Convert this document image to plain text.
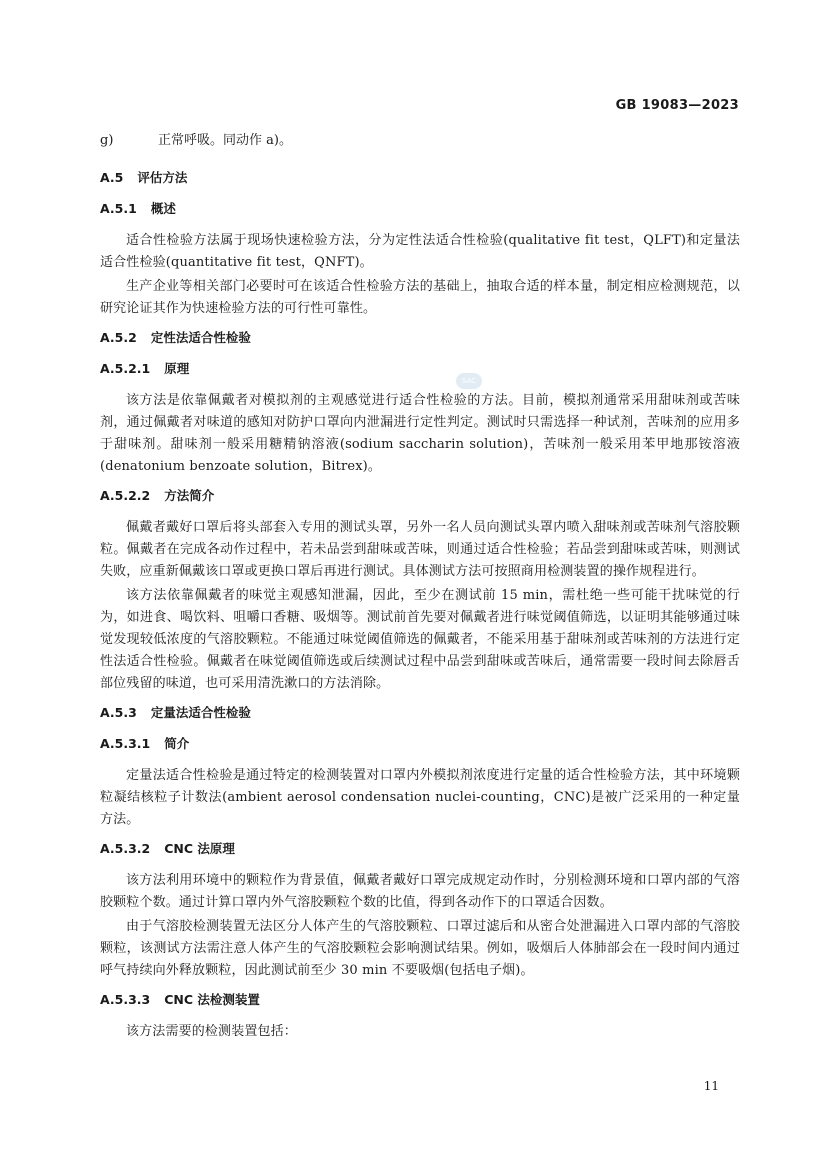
GB 19083—2023
SAC
g)	正常呼吸。同动作 a)。
A.5 评估方法
A.5.1 概述

适合性检验方法属于现场快速检验方法，分为定性法适合性检验(qualitative fit test，QLFT)和定量法适合性检验(quantitative fit test，QNFT)。

生产企业等相关部门必要时可在该适合性检验方法的基础上，抽取合适的样本量，制定相应检测规范，以研究论证其作为快速检验方法的可行性可靠性。

A.5.2 定性法适合性检验
A.5.2.1 原理

该方法是依靠佩戴者对模拟剂的主观感觉进行适合性检验的方法。目前，模拟剂通常采用甜味剂或苦味剂，通过佩戴者对味道的感知对防护口罩向内泄漏进行定性判定。测试时只需选择一种试剂，苦味剂的应用多于甜味剂。甜味剂一般采用糖精钠溶液(sodium saccharin solution)，苦味剂一般采用苯甲地那铵溶液(denatonium benzoate solution，Bitrex)。

A.5.2.2 方法简介

佩戴者戴好口罩后将头部套入专用的测试头罩，另外一名人员向测试头罩内喷入甜味剂或苦味剂气溶胶颗粒。佩戴者在完成各动作过程中，若未品尝到甜味或苦味，则通过适合性检验；若品尝到甜味或苦味，则测试失败，应重新佩戴该口罩或更换口罩后再进行测试。具体测试方法可按照商用检测装置的操作规程进行。

该方法依靠佩戴者的味觉主观感知泄漏，因此，至少在测试前 15 min，需杜绝一些可能干扰味觉的行为，如进食、喝饮料、咀嚼口香糖、吸烟等。测试前首先要对佩戴者进行味觉阈值筛选，以证明其能够通过味觉发现较低浓度的气溶胶颗粒。不能通过味觉阈值筛选的佩戴者，不能采用基于甜味剂或苦味剂的方法进行定性法适合性检验。佩戴者在味觉阈值筛选或后续测试过程中品尝到甜味或苦味后，通常需要一段时间去除唇舌部位残留的味道，也可采用清洗漱口的方法消除。

A.5.3 定量法适合性检验
A.5.3.1 简介

定量法适合性检验是通过特定的检测装置对口罩内外模拟剂浓度进行定量的适合性检验方法，其中环境颗粒凝结核粒子计数法(ambient aerosol condensation nuclei-counting，CNC)是被广泛采用的一种定量方法。

A.5.3.2 CNC 法原理

该方法利用环境中的颗粒作为背景值，佩戴者戴好口罩完成规定动作时，分别检测环境和口罩内部的气溶胶颗粒个数。通过计算口罩内外气溶胶颗粒个数的比值，得到各动作下的口罩适合因数。

由于气溶胶检测装置无法区分人体产生的气溶胶颗粒、口罩过滤后和从密合处泄漏进入口罩内部的气溶胶颗粒，该测试方法需注意人体产生的气溶胶颗粒会影响测试结果。例如，吸烟后人体肺部会在一段时间内通过呼气持续向外释放颗粒，因此测试前至少 30 min 不要吸烟(包括电子烟)。

A.5.3.3 CNC 法检测装置

该方法需要的检测装置包括：

11
